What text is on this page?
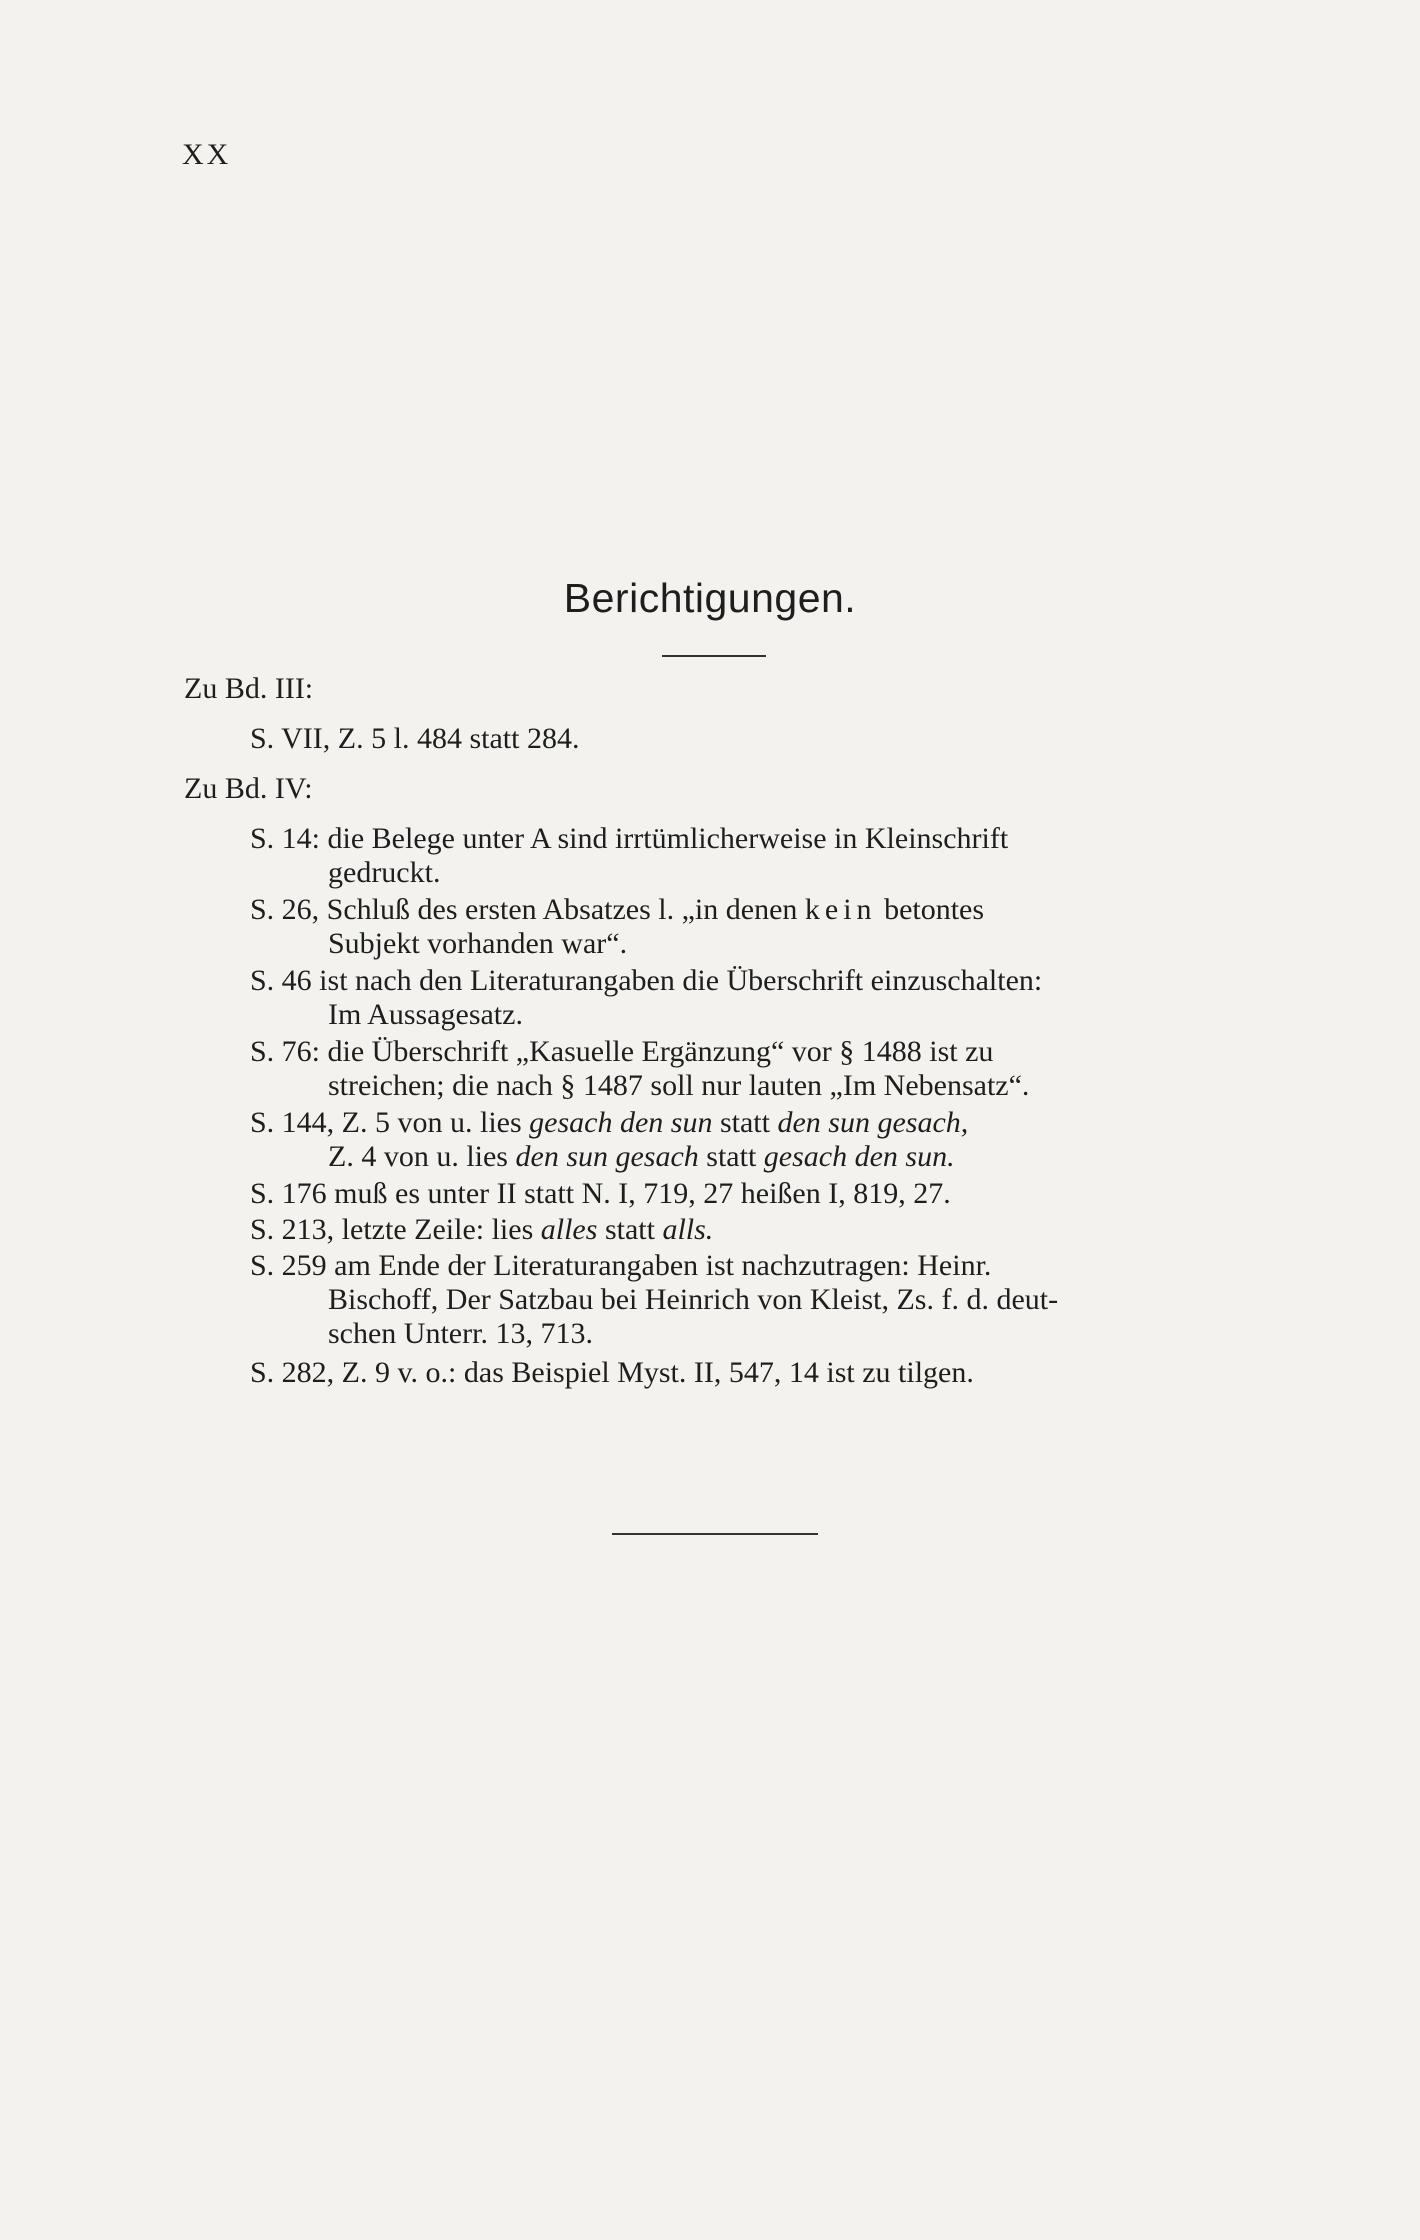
XX
Berichtigungen.
Zu Bd. III:
S. VII, Z. 5 l. 484 statt 284.
Zu Bd. IV:
S. 14: die Belege unter A sind irrtümlicherweise in Kleinschrift
gedruckt.
S. 26, Schluß des ersten Absatzes l. „in denen kein betontes
Subjekt vorhanden war“.
S. 46 ist nach den Literaturangaben die Überschrift einzuschalten:
Im Aussagesatz.
S. 76: die Überschrift „Kasuelle Ergänzung“ vor § 1488 ist zu
streichen; die nach § 1487 soll nur lauten „Im Nebensatz“.
S. 144, Z. 5 von u. lies gesach den sun statt den sun gesach,
Z. 4 von u. lies den sun gesach statt gesach den sun.
S. 176 muß es unter II statt N. I, 719, 27 heißen I, 819, 27.
S. 213, letzte Zeile: lies alles statt alls.
S. 259 am Ende der Literaturangaben ist nachzutragen: Heinr.
Bischoff, Der Satzbau bei Heinrich von Kleist, Zs. f. d. deut-
schen Unterr. 13, 713.
S. 282, Z. 9 v. o.: das Beispiel Myst. II, 547, 14 ist zu tilgen.
